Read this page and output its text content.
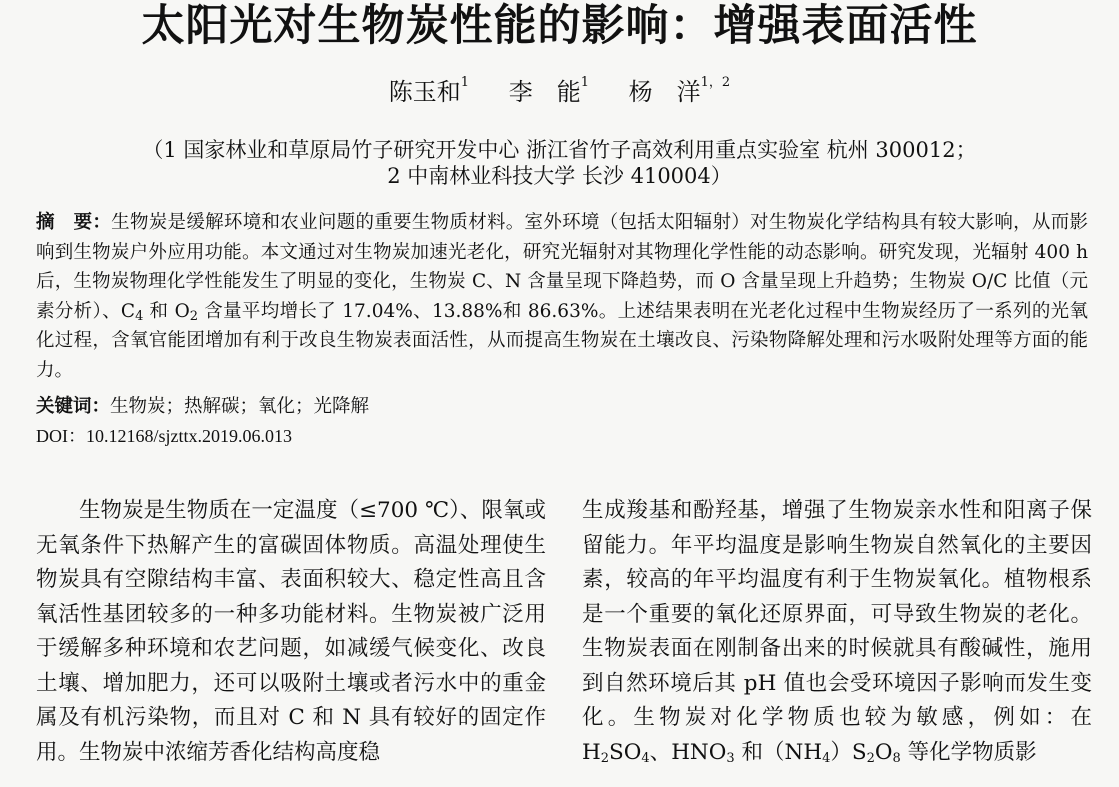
太阳光对生物炭性能的影响：增强表面活性
陈玉和$^1$ 李　能$^1$ 杨　洋$^{1,2}$
（1 国家林业和草原局竹子研究开发中心 浙江省竹子高效利用重点实验室 杭州 300012；
2 中南林业科技大学 长沙 410004）
摘　要：生物炭是缓解环境和农业问题的重要生物质材料。室外环境（包括太阳辐射）对生物炭化学结构具有较大影响，从而影响到生物炭户外应用功能。本文通过对生物炭加速光老化，研究光辐射对其物理化学性能的动态影响。研究发现，光辐射 400 h 后，生物炭物理化学性能发生了明显的变化，生物炭 C、N 含量呈现下降趋势，而 O 含量呈现上升趋势；生物炭 O/C 比值（元素分析）、$C_4$ 和 $O_2$ 含量平均增长了 17.04%、13.88%和 86.63%。上述结果表明在光老化过程中生物炭经历了一系列的光氧化过程，含氧官能团增加有利于改良生物炭表面活性，从而提高生物炭在土壤改良、污染物降解处理和污水吸附处理等方面的能力。
关键词：生物炭；热解碳；氧化；光降解
DOI：10.12168/sjzttx.2019.06.013
生物炭是生物质在一定温度（≤700 ℃）、限氧或无氧条件下热解产生的富碳固体物质。高温处理使生物炭具有空隙结构丰富、表面积较大、稳定性高且含氧活性基团较多的一种多功能材料。生物炭被广泛用于缓解多种环境和农艺问题，如减缓气候变化、改良土壤、增加肥力，还可以吸附土壤或者污水中的重金属及有机污染物，而且对 C 和 N 具有较好的固定作用。生物炭中浓缩芳香化结构高度稳
生成羧基和酚羟基，增强了生物炭亲水性和阳离子保留能力。年平均温度是影响生物炭自然氧化的主要因素，较高的年平均温度有利于生物炭氧化。植物根系是一个重要的氧化还原界面，可导致生物炭的老化。生物炭表面在刚制备出来的时候就具有酸碱性，施用到自然环境后其 pH 值也会受环境因子影响而发生变化。生物炭对化学物质也较为敏感，例如：在$H_2SO_4$、$HNO_3$ 和$(NH_4)S_2O_8$ 等化学物质影
